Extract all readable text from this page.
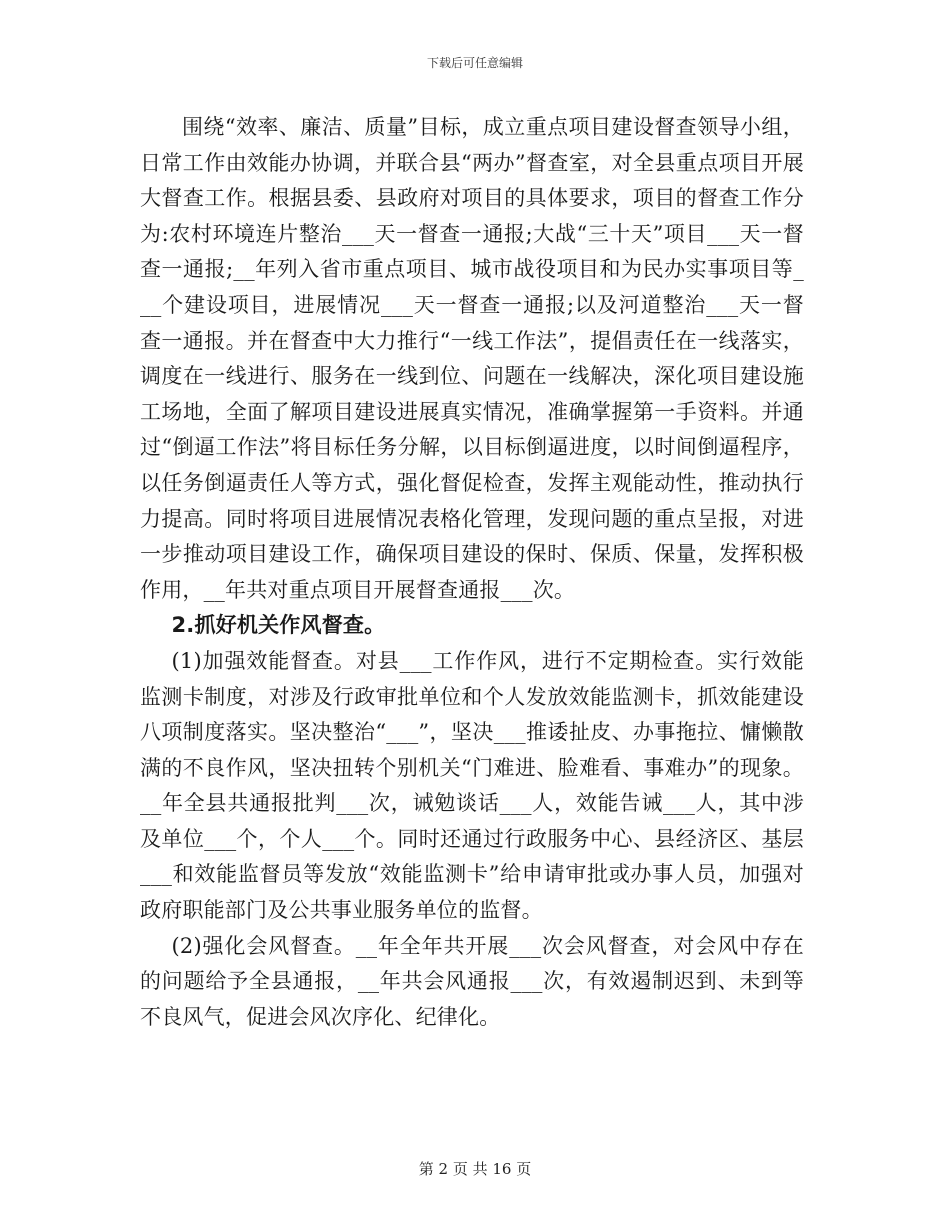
下载后可任意编辑

围绕“效率、廉洁、质量”目标，成立重点项目建设督查领导小组，日常工作由效能办协调，并联合县“两办”督查室，对全县重点项目开展大督查工作。根据县委、县政府对项目的具体要求，项目的督查工作分为:农村环境连片整治___天一督查一通报;大战“三十天”项目___天一督查一通报;__年列入省市重点项目、城市战役项目和为民办实事项目等___个建设项目，进展情况___天一督查一通报;以及河道整治___天一督查一通报。并在督查中大力推行“一线工作法”，提倡责任在一线落实，调度在一线进行、服务在一线到位、问题在一线解决，深化项目建设施工场地，全面了解项目建设进展真实情况，准确掌握第一手资料。并通过“倒逼工作法”将目标任务分解，以目标倒逼进度，以时间倒逼程序，以任务倒逼责任人等方式，强化督促检查，发挥主观能动性，推动执行力提高。同时将项目进展情况表格化管理，发现问题的重点呈报，对进一步推动项目建设工作，确保项目建设的保时、保质、保量，发挥积极作用，__年共对重点项目开展督查通报___次。

2.抓好机关作风督查。

(1)加强效能督查。对县___工作作风，进行不定期检查。实行效能监测卡制度，对涉及行政审批单位和个人发放效能监测卡，抓效能建设八项制度落实。坚决整治“___”，坚决___推诿扯皮、办事拖拉、慵懒散满的不良作风，坚决扭转个别机关“门难进、脸难看、事难办”的现象。__年全县共通报批判___次，诫勉谈话___人，效能告诫___人，其中涉及单位___个，个人___个。同时还通过行政服务中心、县经济区、基层___和效能监督员等发放“效能监测卡”给申请审批或办事人员，加强对政府职能部门及公共事业服务单位的监督。

(2)强化会风督查。__年全年共开展___次会风督查，对会风中存在的问题给予全县通报，__年共会风通报___次，有效遏制迟到、未到等不良风气，促进会风次序化、纪律化。

第 2 页 共 16 页
